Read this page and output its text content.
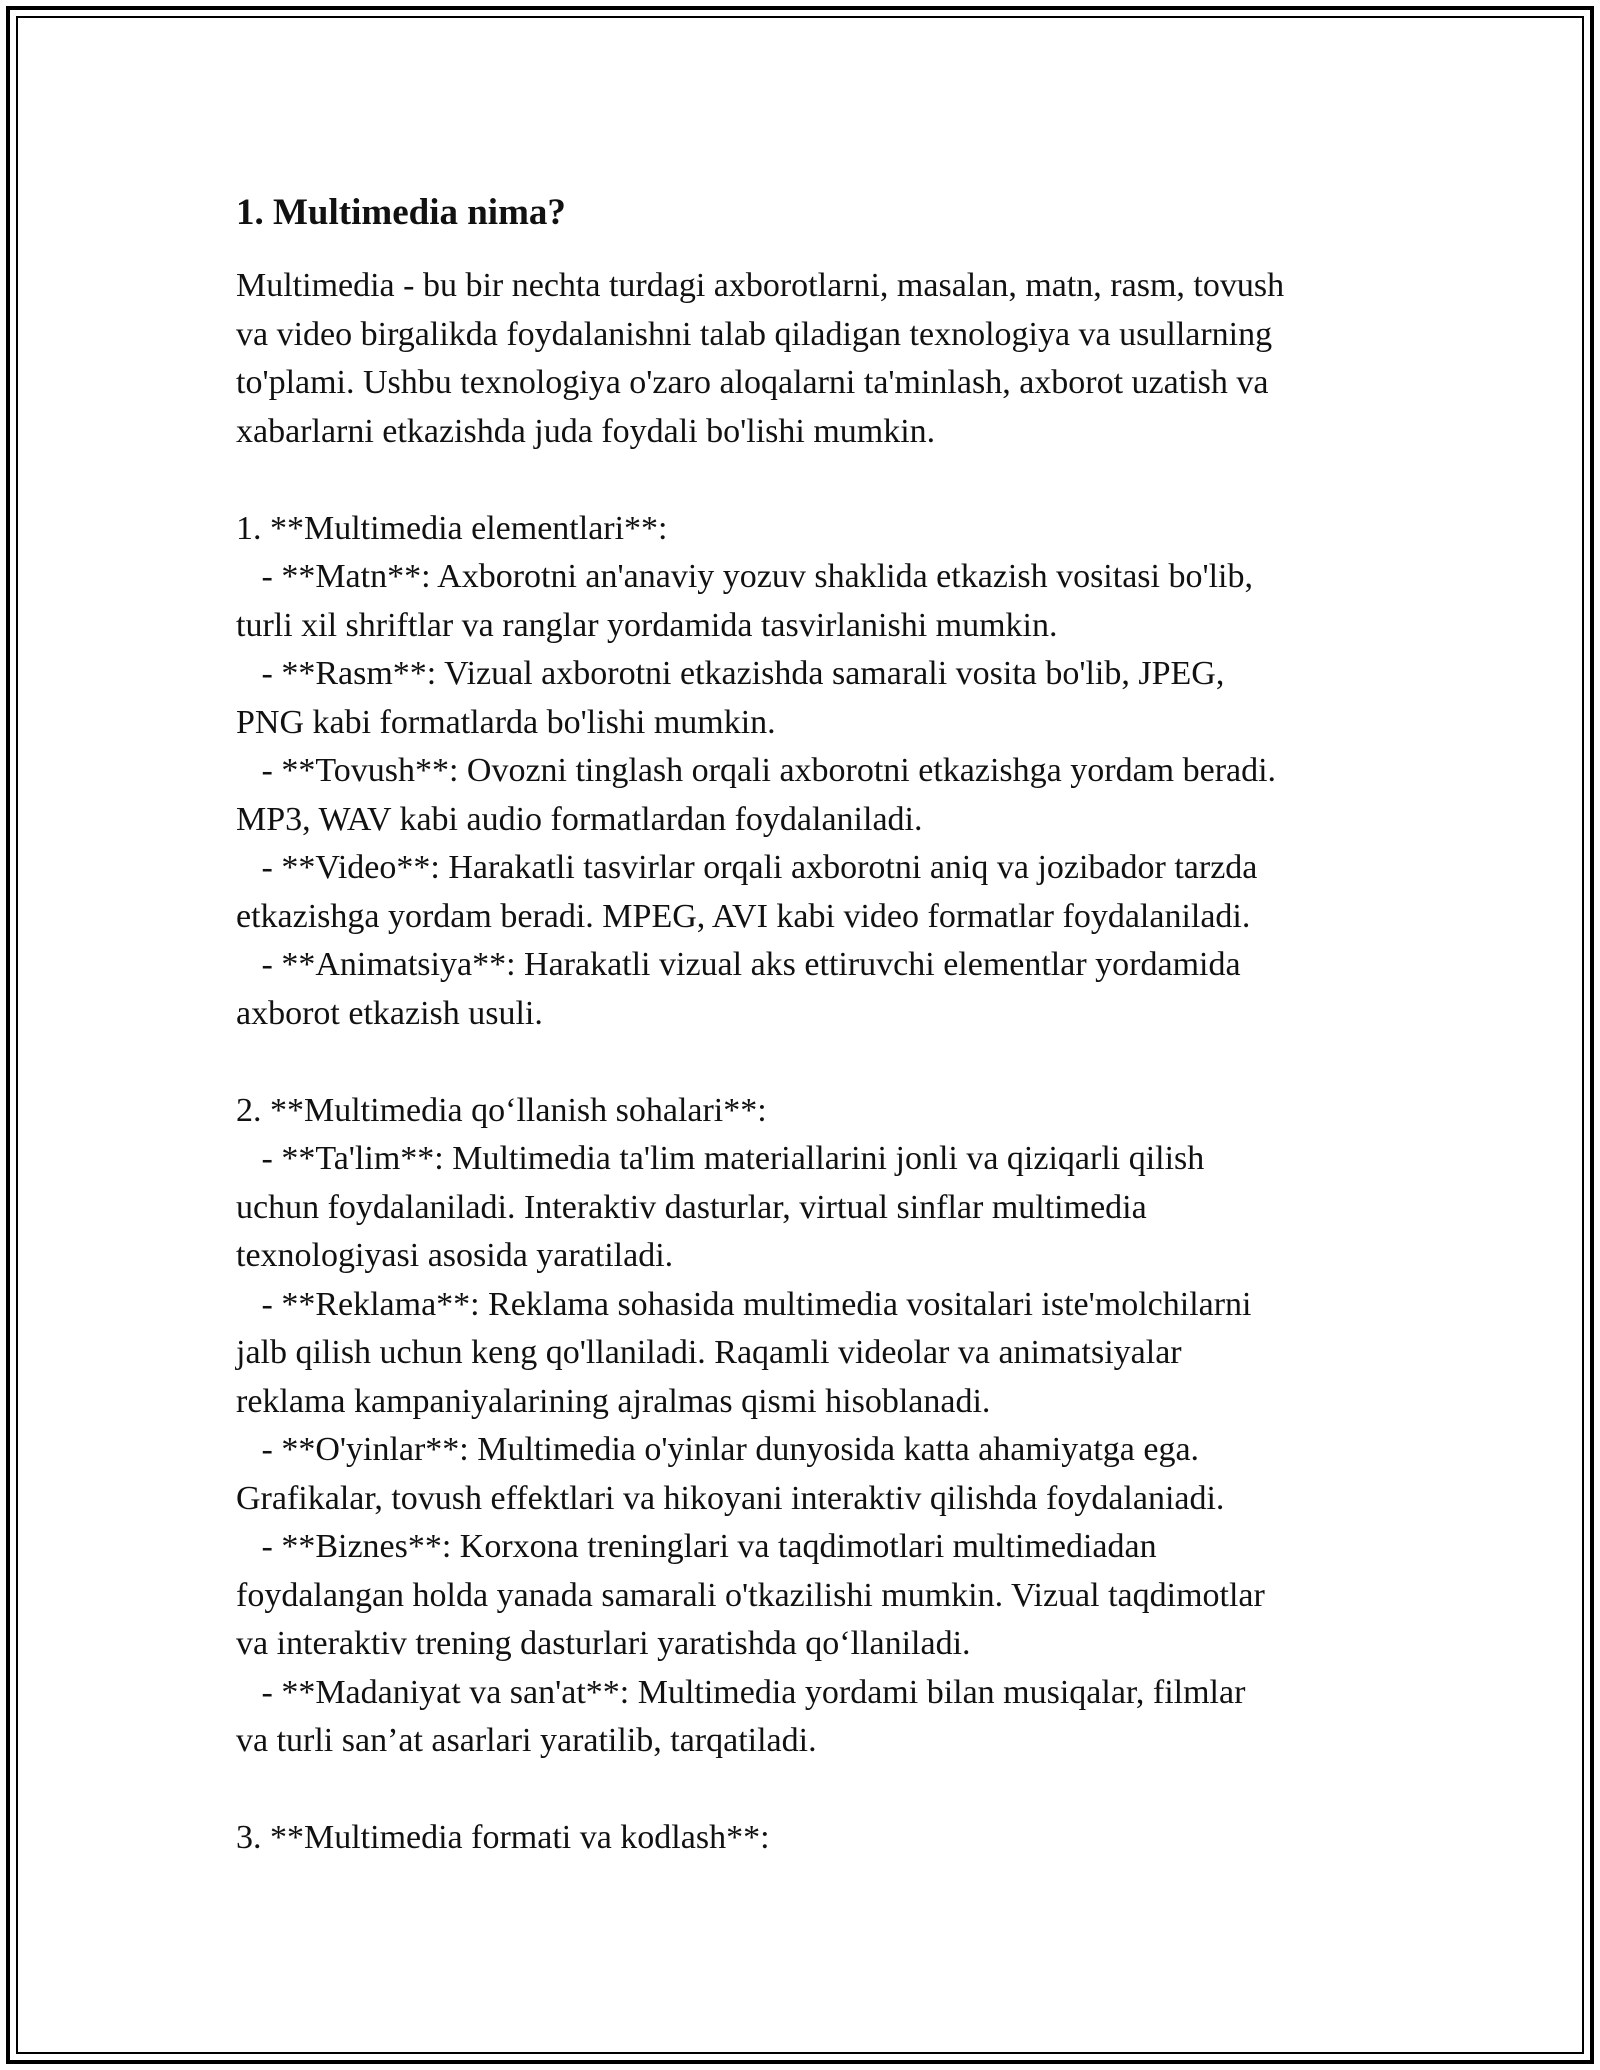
1. Multimedia nima?
Multimedia - bu bir nechta turdagi axborotlarni, masalan, matn, rasm, tovush
va video birgalikda foydalanishni talab qiladigan texnologiya va usullarning
to'plami. Ushbu texnologiya o'zaro aloqalarni ta'minlash, axborot uzatish va
xabarlarni etkazishda juda foydali bo'lishi mumkin.

1. **Multimedia elementlari**:
- **Matn**: Axborotni an'anaviy yozuv shaklida etkazish vositasi bo'lib,
turli xil shriftlar va ranglar yordamida tasvirlanishi mumkin.
- **Rasm**: Vizual axborotni etkazishda samarali vosita bo'lib, JPEG,
PNG kabi formatlarda bo'lishi mumkin.
- **Tovush**: Ovozni tinglash orqali axborotni etkazishga yordam beradi.
MP3, WAV kabi audio formatlardan foydalaniladi.
- **Video**: Harakatli tasvirlar orqali axborotni aniq va jozibador tarzda
etkazishga yordam beradi. MPEG, AVI kabi video formatlar foydalaniladi.
- **Animatsiya**: Harakatli vizual aks ettiruvchi elementlar yordamida
axborot etkazish usuli.

2. **Multimedia qo‘llanish sohalari**:
- **Ta'lim**: Multimedia ta'lim materiallarini jonli va qiziqarli qilish
uchun foydalaniladi. Interaktiv dasturlar, virtual sinflar multimedia
texnologiyasi asosida yaratiladi.
- **Reklama**: Reklama sohasida multimedia vositalari iste'molchilarni
jalb qilish uchun keng qo'llaniladi. Raqamli videolar va animatsiyalar
reklama kampaniyalarining ajralmas qismi hisoblanadi.
- **O'yinlar**: Multimedia o'yinlar dunyosida katta ahamiyatga ega.
Grafikalar, tovush effektlari va hikoyani interaktiv qilishda foydalaniadi.
- **Biznes**: Korxona treninglari va taqdimotlari multimediadan
foydalangan holda yanada samarali o'tkazilishi mumkin. Vizual taqdimotlar
va interaktiv trening dasturlari yaratishda qo‘llaniladi.
- **Madaniyat va san'at**: Multimedia yordami bilan musiqalar, filmlar
va turli san’at asarlari yaratilib, tarqatiladi.

3. **Multimedia formati va kodlash**:
